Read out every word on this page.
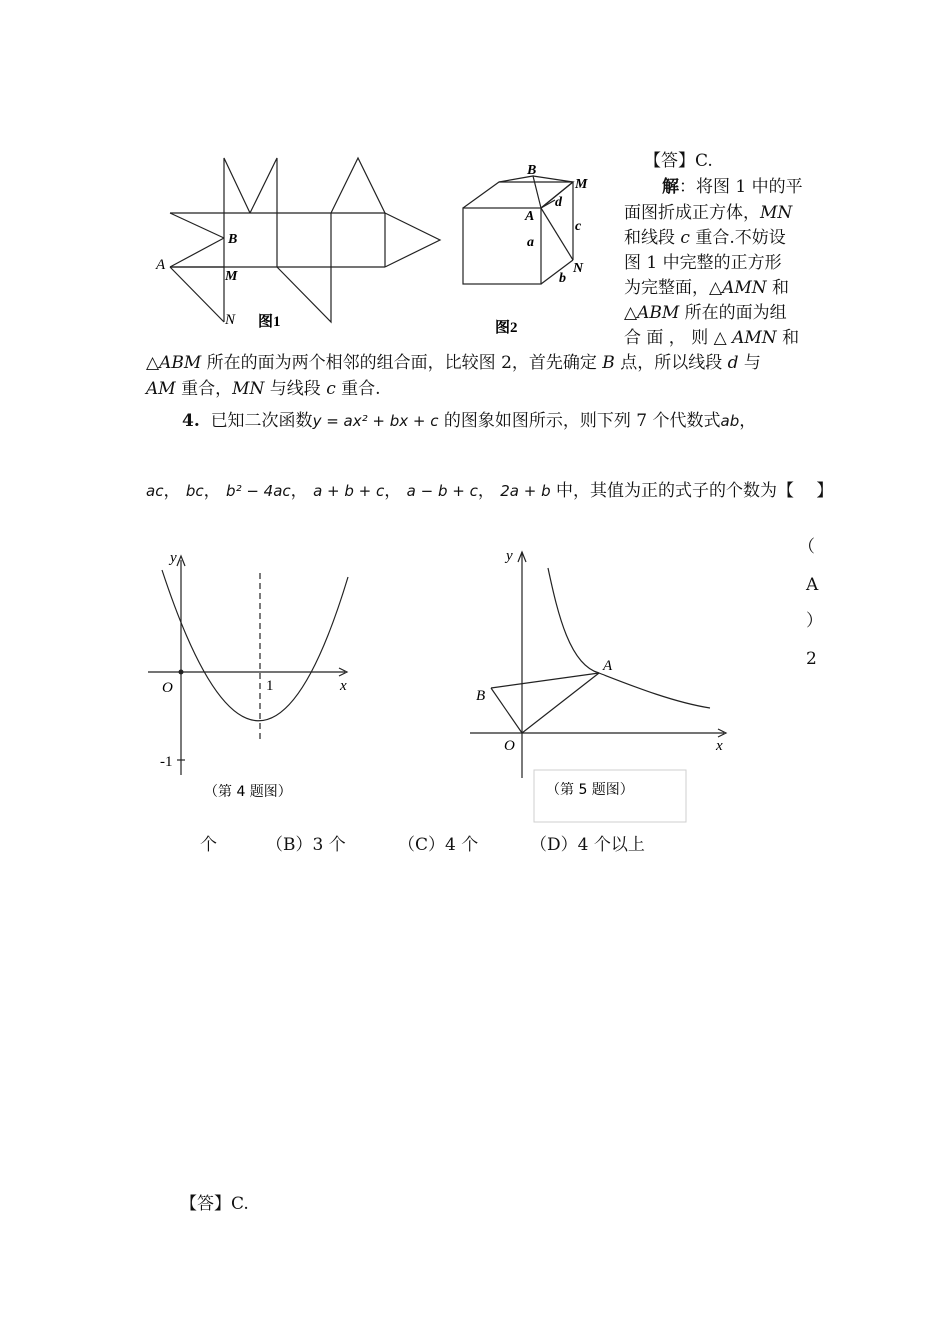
B
A
M
N 图1
B
M
A
d
c
a
b
N
图2
【答】C.
解：将图 1 中的平
面图折成正方体，MN
和线段 c 重合.不妨设
图 1 中完整的正方形
为完整面，△AMN 和
△ABM 所在的面为组
合 面 ， 则 △ AMN 和
△ABM 所在的面为两个相邻的组合面，比较图 2，首先确定 B 点，所以线段 d 与
AM 重合，MN 与线段 c 重合.
4. 已知二次函数y = ax² + bx + c 的图象如图所示，则下列 7 个代数式ab，
ac， bc， b² − 4ac， a + b + c， a − b + c， 2a + b 中，其值为正的式子的个数为【　 】
（
A
）
2
y
x
O	1
-1
（第 4 题图）
y
x
O
A
B
（第 5 题图）
个	（B）3 个	（C）4 个	（D）4 个以上
【答】C.
